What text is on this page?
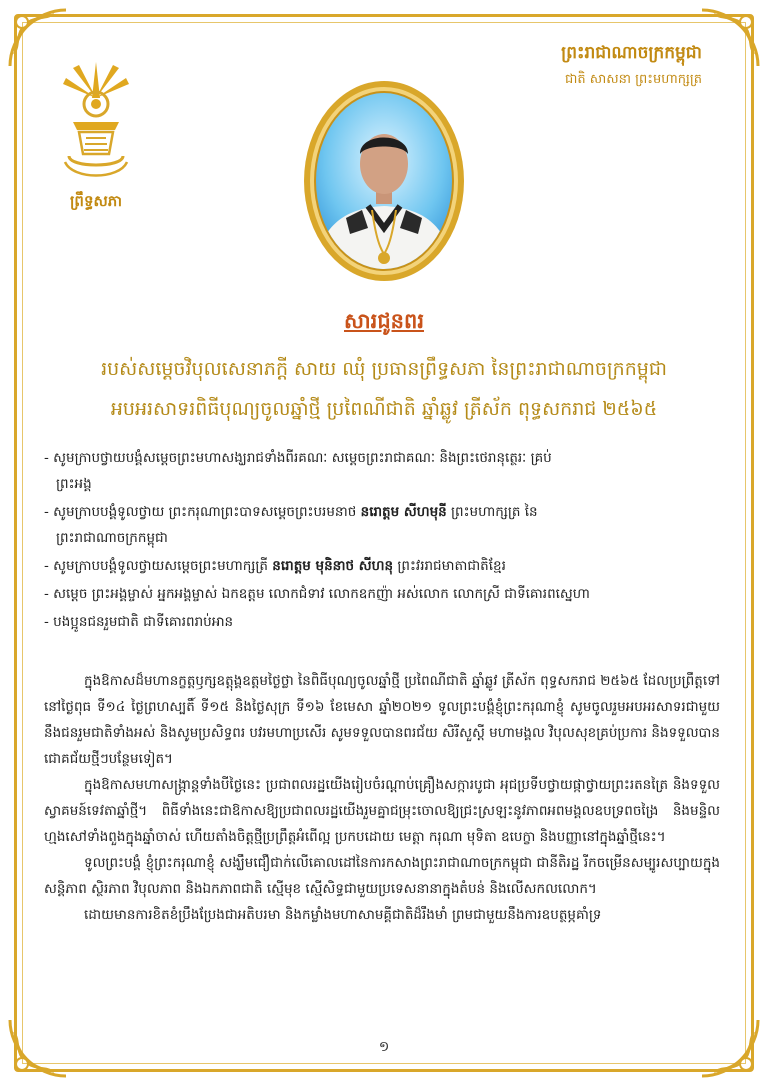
ព្រឹទ្ធសភា
ព្រះរាជាណាចក្រកម្ពុជា
ជាតិ សាសនា ព្រះមហាក្សត្រ
សារជូនពរ
របស់សម្តេចវិបុលសេនាភក្តី សាយ ឈុំ ប្រធានព្រឹទ្ធសភា នៃព្រះរាជាណាចក្រកម្ពុជា
អបអរសាទរពិធីបុណ្យចូលឆ្នាំថ្មី ប្រពៃណីជាតិ ឆ្នាំឆ្លូវ ត្រីស័ក ពុទ្ធសករាជ ២៥៦៥
- សូមក្រាបថ្វាយបង្គំសម្តេចព្រះមហាសង្ឃរាជទាំងពីរគណៈ សម្តេចព្រះរាជាគណៈ និងព្រះថេរានុត្ថេរៈ គ្រប់
ព្រះអង្គ
- សូមក្រាបបង្គំទូលថ្វាយ ព្រះករុណាព្រះបាទសម្តេចព្រះបរមនាថ នរោត្តម សីហមុនី ព្រះមហាក្សត្រ នៃ
ព្រះរាជាណាចក្រកម្ពុជា
- សូមក្រាបបង្គំទូលថ្វាយសម្តេចព្រះមហាក្សត្រី នរោត្តម មុនិនាថ សីហនុ ព្រះវររាជមាតាជាតិខ្មែរ
- សម្តេច ព្រះអង្គម្ចាស់ អ្នកអង្គម្ចាស់ ឯកឧត្តម លោកជំទាវ លោកឧកញ៉ា អស់លោក លោកស្រី ជាទីគោរពស្នេហា
- បងប្អូនជនរួមជាតិ ជាទីគោរពរាប់អាន

ក្នុងឱកាសដ៏មហានក្ខត្តឫក្សឧត្តុង្គឧត្តមថ្ងៃថ្លា នៃពិធីបុណ្យចូលឆ្នាំថ្មី ប្រពៃណីជាតិ ឆ្នាំឆ្លូវ ត្រីស័ក ពុទ្ធសករាជ ២៥៦៥ ដែលប្រព្រឹត្តទៅនៅថ្ងៃពុធ ទី១៤ ថ្ងៃព្រហស្បតិ៍ ទី១៥ និងថ្ងៃសុក្រ ទី១៦ ខែមេសា ឆ្នាំ២០២១ ទូលព្រះបង្គំខ្ញុំព្រះករុណាខ្ញុំ សូមចូលរួមអបអរសាទរជាមួយនឹងជនរួមជាតិទាំងអស់ និងសូមប្រសិទ្ធពរ បវរមហាប្រសើរ សូមទទួលបានពរជ័យ សិរីសួស្តី មហាមង្គល វិបុលសុខគ្រប់ប្រការ និងទទួលបានជោគជ័យថ្មីៗបន្ថែមទៀត។

ក្នុងឱកាសមហាសង្ក្រាន្តទាំងបីថ្ងៃនេះ ប្រជាពលរដ្ឋយើងរៀបចំរណ្តាប់គ្រឿងសក្ការបូជា អុជប្រទីបថ្វាយផ្កាថ្វាយព្រះរតនត្រៃ និងទទួលស្វាគមន៍ទេវតាឆ្នាំថ្មី។ ពិធីទាំងនេះជាឱកាសឱ្យប្រជាពលរដ្ឋយើងរួមគ្នាជម្រុះចោលឱ្យជ្រះស្រឡះនូវភាពអពមង្គលឧបទ្រពចង្រៃ និងមន្ទិលហ្មងសៅទាំងពួងក្នុងឆ្នាំចាស់ ហើយតាំងចិត្តថ្មីប្រព្រឹត្តអំពើល្អ ប្រកបដោយ មេត្តា ករុណា មុទិតា ឧបេក្ខា និងបញ្ញានៅក្នុងឆ្នាំថ្មីនេះ។

ទូលព្រះបង្គំ ខ្ញុំព្រះករុណាខ្ញុំ សង្ឃឹមជឿជាក់លើគោលដៅនៃការកសាងព្រះរាជាណាចក្រកម្ពុជា ជានីតិរដ្ឋ រីកចម្រើនសម្បូរសប្បាយក្នុងសន្តិភាព ស្ថិរភាព វិបុលភាព និងឯកភាពជាតិ ស្មើមុខ ស្មើសិទ្ធជាមួយប្រទេសនានាក្នុងតំបន់ និងលើសកលលោក។

ដោយមានការខិតខំប្រឹងប្រែងជាអតិបរមា និងកម្លាំងមហាសាមគ្គីជាតិដ៏រឹងមាំ ព្រមជាមួយនឹងការឧបត្ថម្ភគាំទ្រ

១
